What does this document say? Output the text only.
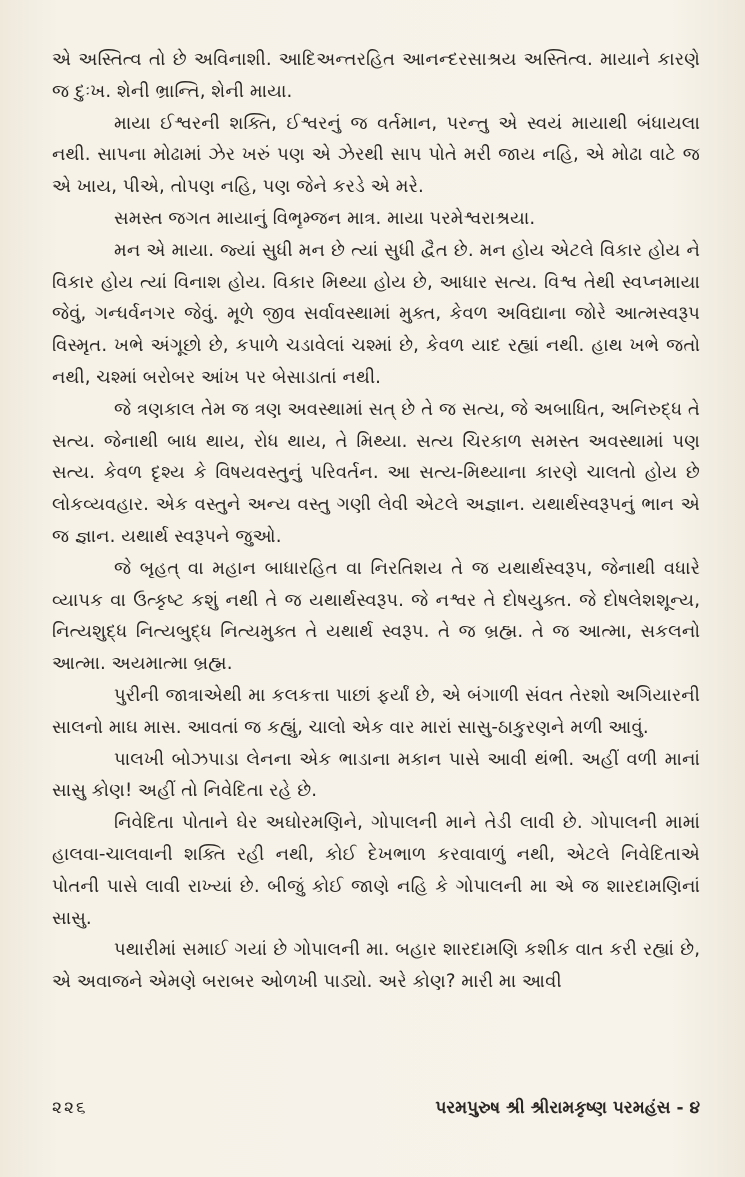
એ અસ્તિત્વ તો છે અવિનાશી. આદિઅન્તરહિત આનન્દરસાશ્રય અસ્તિત્વ. માયાને કારણે જ દુઃખ. શેની ભ્રાન્તિ, શેની માયા.

માયા ઈશ્વરની શક્તિ, ઈશ્વરનું જ વર્તમાન, પરન્તુ એ સ્વયં માયાથી બંધાયલા નથી. સાપના મોઢામાં ઝેર ખરું પણ એ ઝેરથી સાપ પોતે મરી જાય નહિ, એ મોઢા વાટે જ એ ખાય, પીએ, તોપણ નહિ, પણ જેને કરડે એ મરે.

સમસ્ત જગત માયાનું વિભૃમ્જન માત્ર. માયા પરમેશ્વરાશ્રયા.

મન એ માયા. જ્યાં સુધી મન છે ત્યાં સુધી દ્વૈત છે. મન હોય એટલે વિકાર હોય ને વિકાર હોય ત્યાં વિનાશ હોય. વિકાર મિથ્યા હોય છે, આધાર સત્ય. વિશ્વ તેથી સ્વપ્નમાયા જેવું, ગન્ધર્વનગર જેવું. મૂળે જીવ સર્વાવસ્થામાં મુક્ત, કેવળ અવિદ્યાના જોરે આત્મસ્વરૂપ વિસ્મૃત. ખભે અંગૂછો છે, કપાળે ચડાવેલાં ચશ્માં છે, કેવળ યાદ રહ્યાં નથી. હાથ ખભે જતો નથી, ચશ્માં બરોબર આંખ પર બેસાડાતાં નથી.

જે ત્રણકાલ તેમ જ ત્રણ અવસ્થામાં સત્ છે તે જ સત્ય, જે અબાધિત, અનિરુદ્ધ તે સત્ય. જેનાથી બાધ થાય, રોધ થાય, તે મિથ્યા. સત્ય ચિરકાળ સમસ્ત અવસ્થામાં પણ સત્ય. કેવળ દૃશ્ય કે વિષયવસ્તુનું પરિવર્તન. આ સત્ય-મિથ્યાના કારણે ચાલતો હોય છે લોકવ્યવહાર. એક વસ્તુને અન્ય વસ્તુ ગણી લેવી એટલે અજ્ઞાન. યથાર્થસ્વરૂપનું ભાન એ જ જ્ઞાન. યથાર્થ સ્વરૂપને જુઓ.

જે બૃહત્ વા મહાન બાધારહિત વા નિરતિશય તે જ યથાર્થસ્વરૂપ, જેનાથી વધારે વ્યાપક વા ઉત્કૃષ્ટ કશું નથી તે જ યથાર્થસ્વરૂપ. જે નશ્વર તે દોષયુક્ત. જે દોષલેશશૂન્ય, નિત્યશુદ્ધ નિત્યબુદ્ધ નિત્યમુક્ત તે યથાર્થ સ્વરૂપ. તે જ બ્રહ્મ. તે જ આત્મા, સકલનો આત્મા. અયમાત્મા બ્રહ્મ.

પુરીની જાત્રાએથી મા કલકત્તા પાછાં ફર્યાં છે, એ બંગાળી સંવત તેરશો અગિયારની સાલનો માઘ માસ. આવતાં જ કહ્યું, ચાલો એક વાર મારાં સાસુ-ઠાકુરણને મળી આવું.

પાલખી બોઝપાડા લેનના એક ભાડાના મકાન પાસે આવી થંભી. અહીં વળી માનાં સાસુ કોણ! અહીં તો નિવેદિતા રહે છે.

નિવેદિતા પોતાને ઘેર અઘોરમણિને, ગોપાલની માને તેડી લાવી છે. ગોપાલની મામાં હાલવા-ચાલવાની શક્તિ રહી નથી, કોઈ દેખભાળ કરવાવાળું નથી, એટલે નિવેદિતાએ પોતની પાસે લાવી રાખ્યાં છે. બીજું કોઈ જાણે નહિ કે ગોપાલની મા એ જ શારદામણિનાં સાસુ.

પથારીમાં સમાઈ ગયાં છે ગોપાલની મા. બહાર શારદામણિ કશીક વાત કરી રહ્યાં છે, એ અવાજને એમણે બરાબર ઓળખી પાડ્યો. અરે કોણ? મારી મા આવી

૨૨૬	પરમપુરુષ શ્રી શ્રીરામકૃષ્ણ પરમહંસ - ૪
